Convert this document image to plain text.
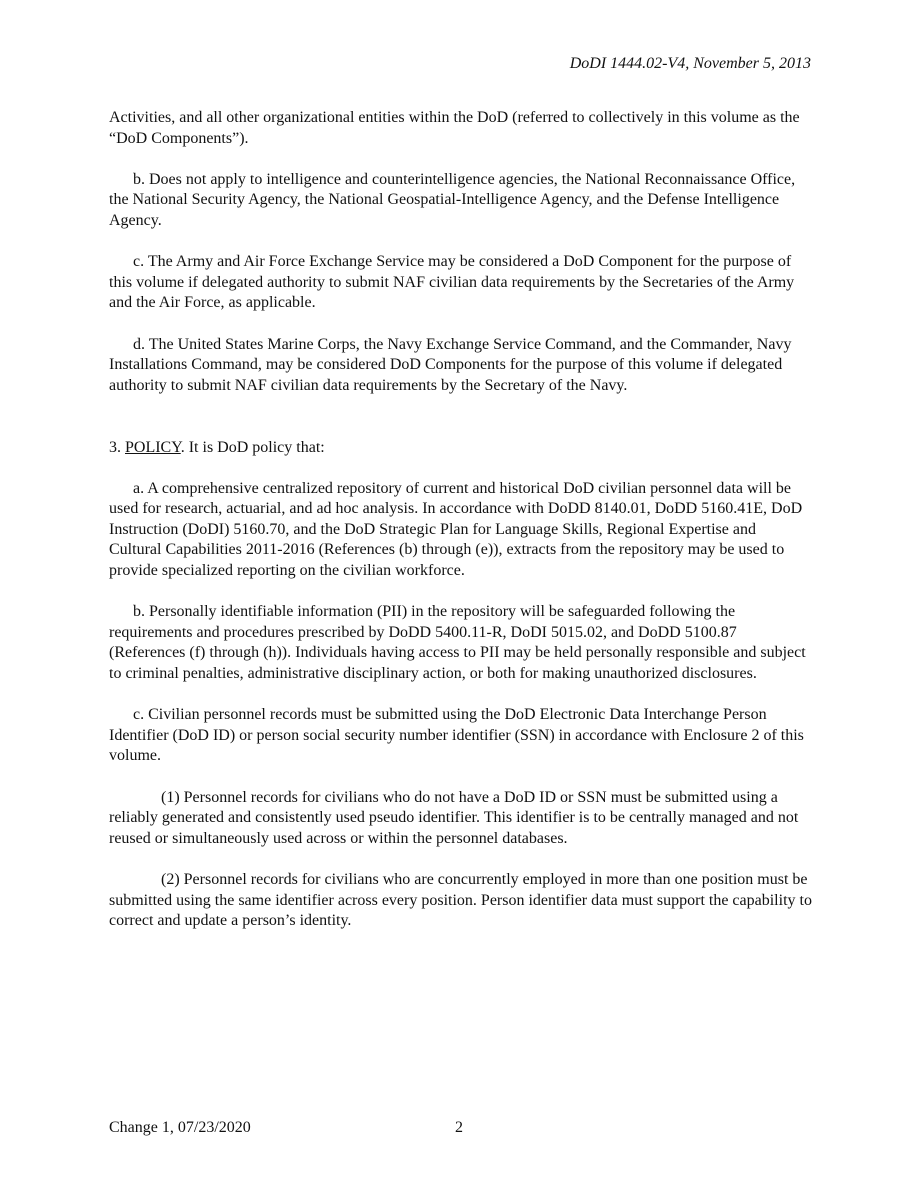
DoDI 1444.02-V4, November 5, 2013

Activities, and all other organizational entities within the DoD (referred to collectively in this volume as the “DoD Components”).

b. Does not apply to intelligence and counterintelligence agencies, the National Reconnaissance Office, the National Security Agency, the National Geospatial-Intelligence Agency, and the Defense Intelligence Agency.

c. The Army and Air Force Exchange Service may be considered a DoD Component for the purpose of this volume if delegated authority to submit NAF civilian data requirements by the Secretaries of the Army and the Air Force, as applicable.

d. The United States Marine Corps, the Navy Exchange Service Command, and the Commander, Navy Installations Command, may be considered DoD Components for the purpose of this volume if delegated authority to submit NAF civilian data requirements by the Secretary of the Navy.

3. POLICY. It is DoD policy that:

a. A comprehensive centralized repository of current and historical DoD civilian personnel data will be used for research, actuarial, and ad hoc analysis. In accordance with DoDD 8140.01, DoDD 5160.41E, DoD Instruction (DoDI) 5160.70, and the DoD Strategic Plan for Language Skills, Regional Expertise and Cultural Capabilities 2011-2016 (References (b) through (e)), extracts from the repository may be used to provide specialized reporting on the civilian workforce.

b. Personally identifiable information (PII) in the repository will be safeguarded following the requirements and procedures prescribed by DoDD 5400.11-R, DoDI 5015.02, and DoDD 5100.87 (References (f) through (h)). Individuals having access to PII may be held personally responsible and subject to criminal penalties, administrative disciplinary action, or both for making unauthorized disclosures.

c. Civilian personnel records must be submitted using the DoD Electronic Data Interchange Person Identifier (DoD ID) or person social security number identifier (SSN) in accordance with Enclosure 2 of this volume.

(1) Personnel records for civilians who do not have a DoD ID or SSN must be submitted using a reliably generated and consistently used pseudo identifier. This identifier is to be centrally managed and not reused or simultaneously used across or within the personnel databases.

(2) Personnel records for civilians who are concurrently employed in more than one position must be submitted using the same identifier across every position. Person identifier data must support the capability to correct and update a person’s identity.

Change 1, 07/23/2020	2
